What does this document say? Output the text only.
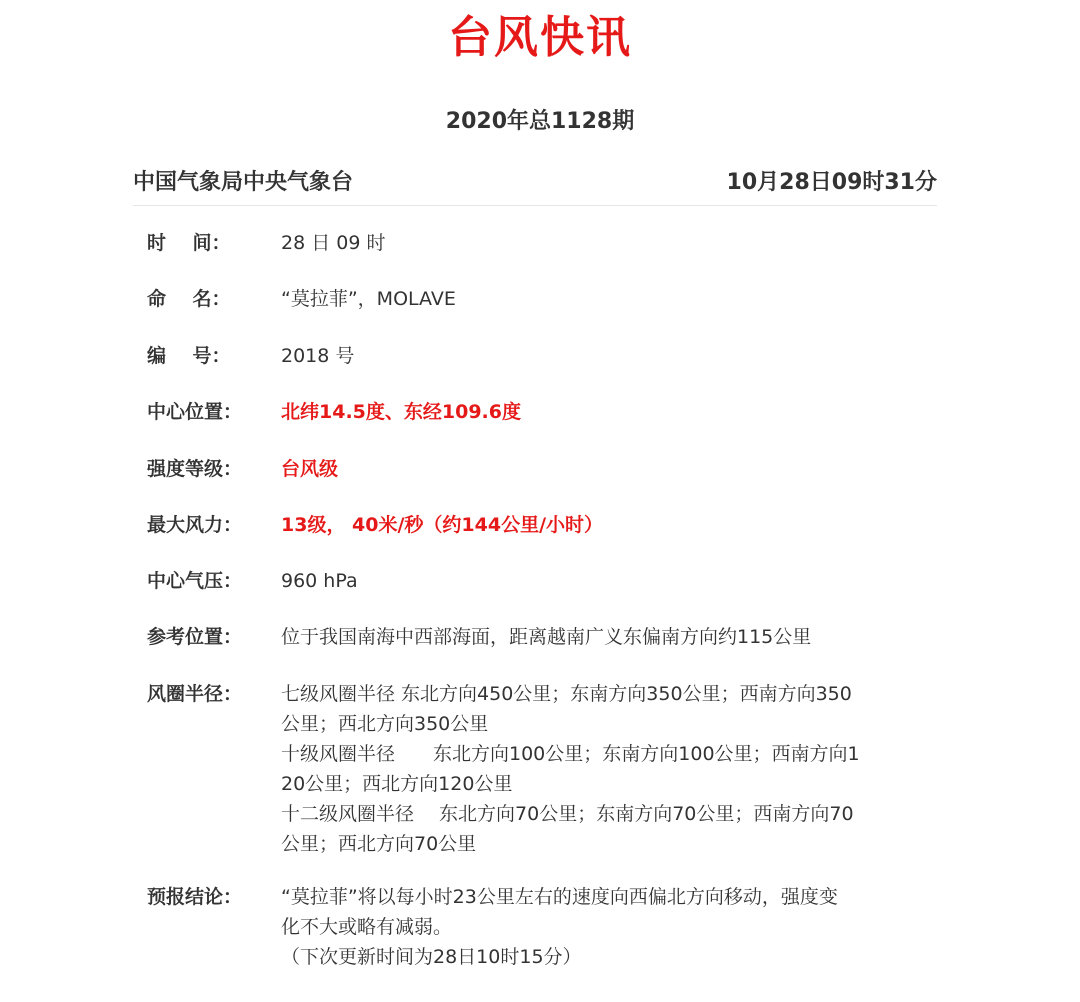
台风快讯
2020年总1128期
中国气象局中央气象台	10月28日09时31分
时    间：	28 日 09 时
命    名：	“莫拉菲”，MOLAVE
编    号：	2018 号
中心位置：	北纬14.5度、东经109.6度
强度等级：	台风级
最大风力：	13级， 40米/秒（约144公里/小时）
中心气压：	960 hPa
参考位置：	位于我国南海中西部海面，距离越南广义东偏南方向约115公里
风圈半径：	七级风圈半径 东北方向450公里；东南方向350公里；西南方向350
公里；西北方向350公里
十级风圈半径　　东北方向100公里；东南方向100公里；西南方向1
20公里；西北方向120公里
十二级风圈半径　 东北方向70公里；东南方向70公里；西南方向70
公里；西北方向70公里
预报结论：	“莫拉菲”将以每小时23公里左右的速度向西偏北方向移动，强度变
化不大或略有减弱。
（下次更新时间为28日10时15分）
